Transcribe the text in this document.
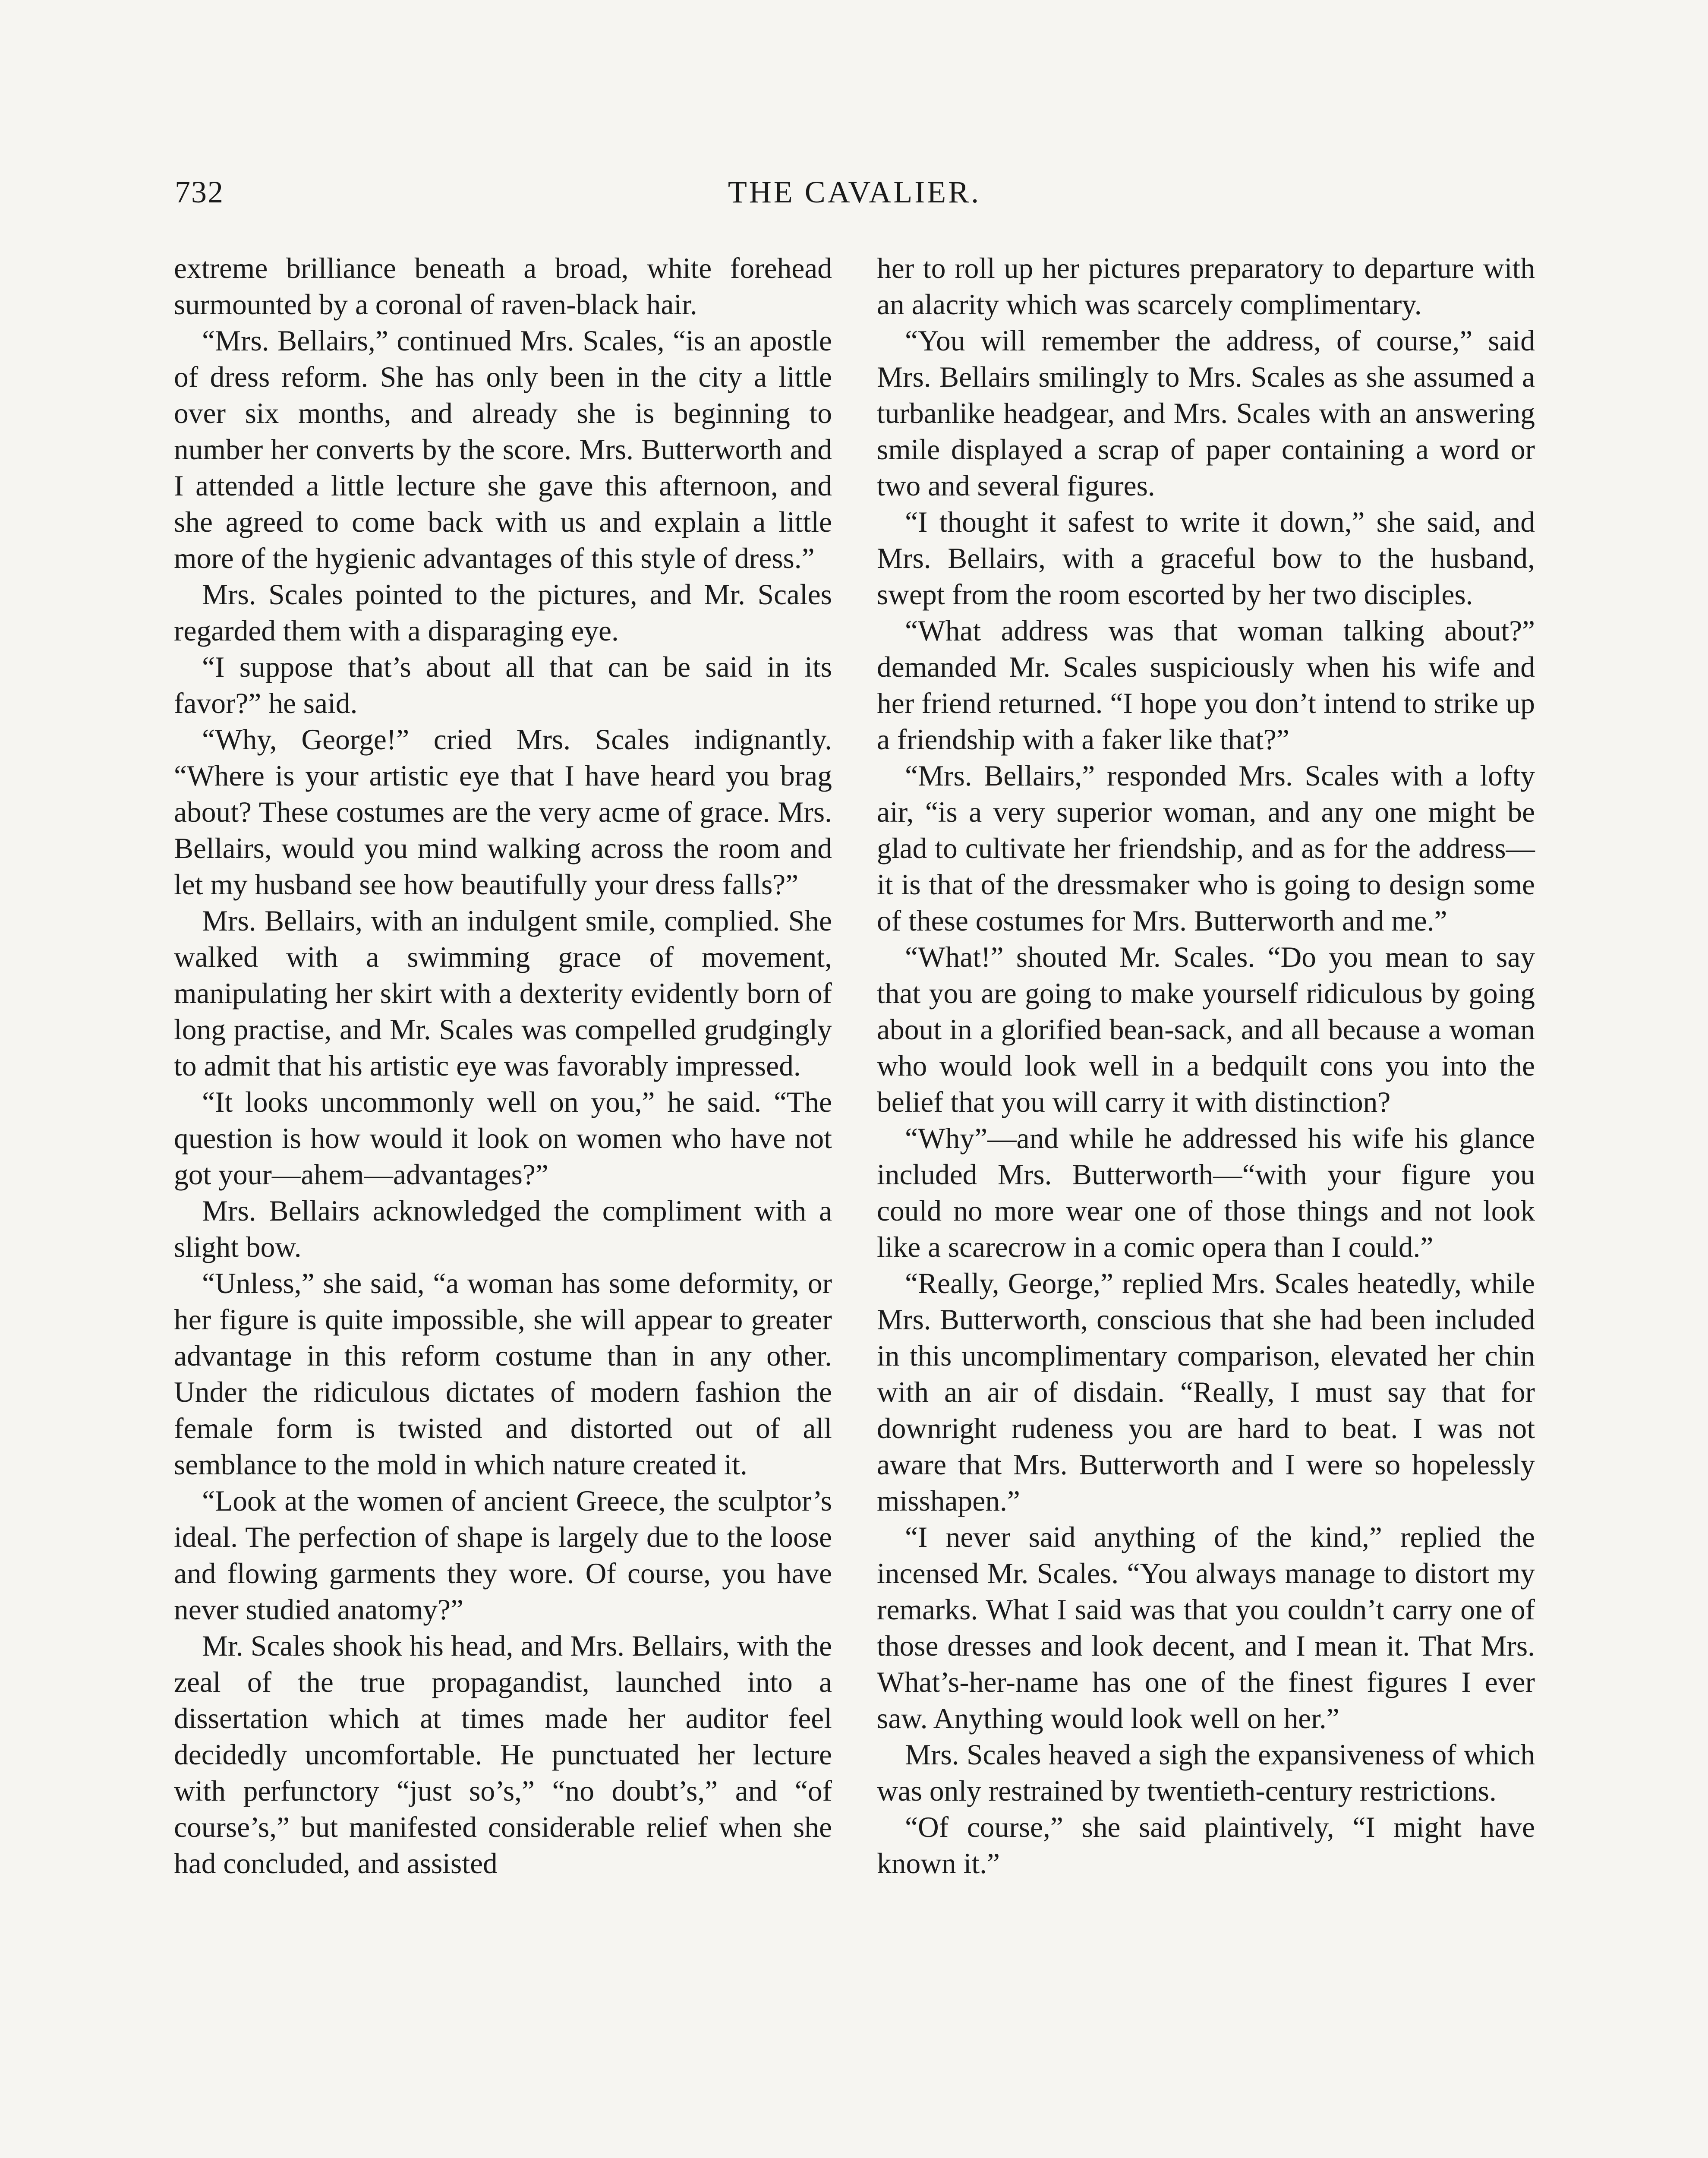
732	THE CAVALIER.

extreme brilliance beneath a broad, white forehead surmounted by a coronal of raven-black hair.

“Mrs. Bellairs,” continued Mrs. Scales, “is an apostle of dress reform. She has only been in the city a little over six months, and already she is beginning to number her converts by the score. Mrs. Butterworth and I attended a little lecture she gave this afternoon, and she agreed to come back with us and explain a little more of the hygienic advantages of this style of dress.”

Mrs. Scales pointed to the pictures, and Mr. Scales regarded them with a disparaging eye.

“I suppose that’s about all that can be said in its favor?” he said.

“Why, George!” cried Mrs. Scales indignantly. “Where is your artistic eye that I have heard you brag about? These costumes are the very acme of grace. Mrs. Bellairs, would you mind walking across the room and let my husband see how beautifully your dress falls?”

Mrs. Bellairs, with an indulgent smile, complied. She walked with a swimming grace of movement, manipulating her skirt with a dexterity evidently born of long practise, and Mr. Scales was compelled grudgingly to admit that his artistic eye was favorably impressed.

“It looks uncommonly well on you,” he said. “The question is how would it look on women who have not got your—ahem—advantages?”

Mrs. Bellairs acknowledged the compliment with a slight bow.

“Unless,” she said, “a woman has some deformity, or her figure is quite impossible, she will appear to greater advantage in this reform costume than in any other. Under the ridiculous dictates of modern fashion the female form is twisted and distorted out of all semblance to the mold in which nature created it.

“Look at the women of ancient Greece, the sculptor’s ideal. The perfection of shape is largely due to the loose and flowing garments they wore. Of course, you have never studied anatomy?”

Mr. Scales shook his head, and Mrs. Bellairs, with the zeal of the true propagandist, launched into a dissertation which at times made her auditor feel decidedly uncomfortable. He punctuated her lecture with perfunctory “just so’s,” “no doubt’s,” and “of course’s,” but manifested considerable relief when she had concluded, and assisted

her to roll up her pictures preparatory to departure with an alacrity which was scarcely complimentary.

“You will remember the address, of course,” said Mrs. Bellairs smilingly to Mrs. Scales as she assumed a turbanlike headgear, and Mrs. Scales with an answering smile displayed a scrap of paper containing a word or two and several figures.

“I thought it safest to write it down,” she said, and Mrs. Bellairs, with a graceful bow to the husband, swept from the room escorted by her two disciples.

“What address was that woman talking about?” demanded Mr. Scales suspiciously when his wife and her friend returned. “I hope you don’t intend to strike up a friendship with a faker like that?”

“Mrs. Bellairs,” responded Mrs. Scales with a lofty air, “is a very superior woman, and any one might be glad to cultivate her friendship, and as for the address—it is that of the dressmaker who is going to design some of these costumes for Mrs. Butterworth and me.”

“What!” shouted Mr. Scales. “Do you mean to say that you are going to make yourself ridiculous by going about in a glorified bean-sack, and all because a woman who would look well in a bedquilt cons you into the belief that you will carry it with distinction?

“Why”—and while he addressed his wife his glance included Mrs. Butterworth—“with your figure you could no more wear one of those things and not look like a scarecrow in a comic opera than I could.”

“Really, George,” replied Mrs. Scales heatedly, while Mrs. Butterworth, conscious that she had been included in this uncomplimentary comparison, elevated her chin with an air of disdain. “Really, I must say that for downright rudeness you are hard to beat. I was not aware that Mrs. Butterworth and I were so hopelessly misshapen.”

“I never said anything of the kind,” replied the incensed Mr. Scales. “You always manage to distort my remarks. What I said was that you couldn’t carry one of those dresses and look decent, and I mean it. That Mrs. What’s-her-name has one of the finest figures I ever saw. Anything would look well on her.”

Mrs. Scales heaved a sigh the expansiveness of which was only restrained by twentieth-century restrictions.

“Of course,” she said plaintively, “I might have known it.”
